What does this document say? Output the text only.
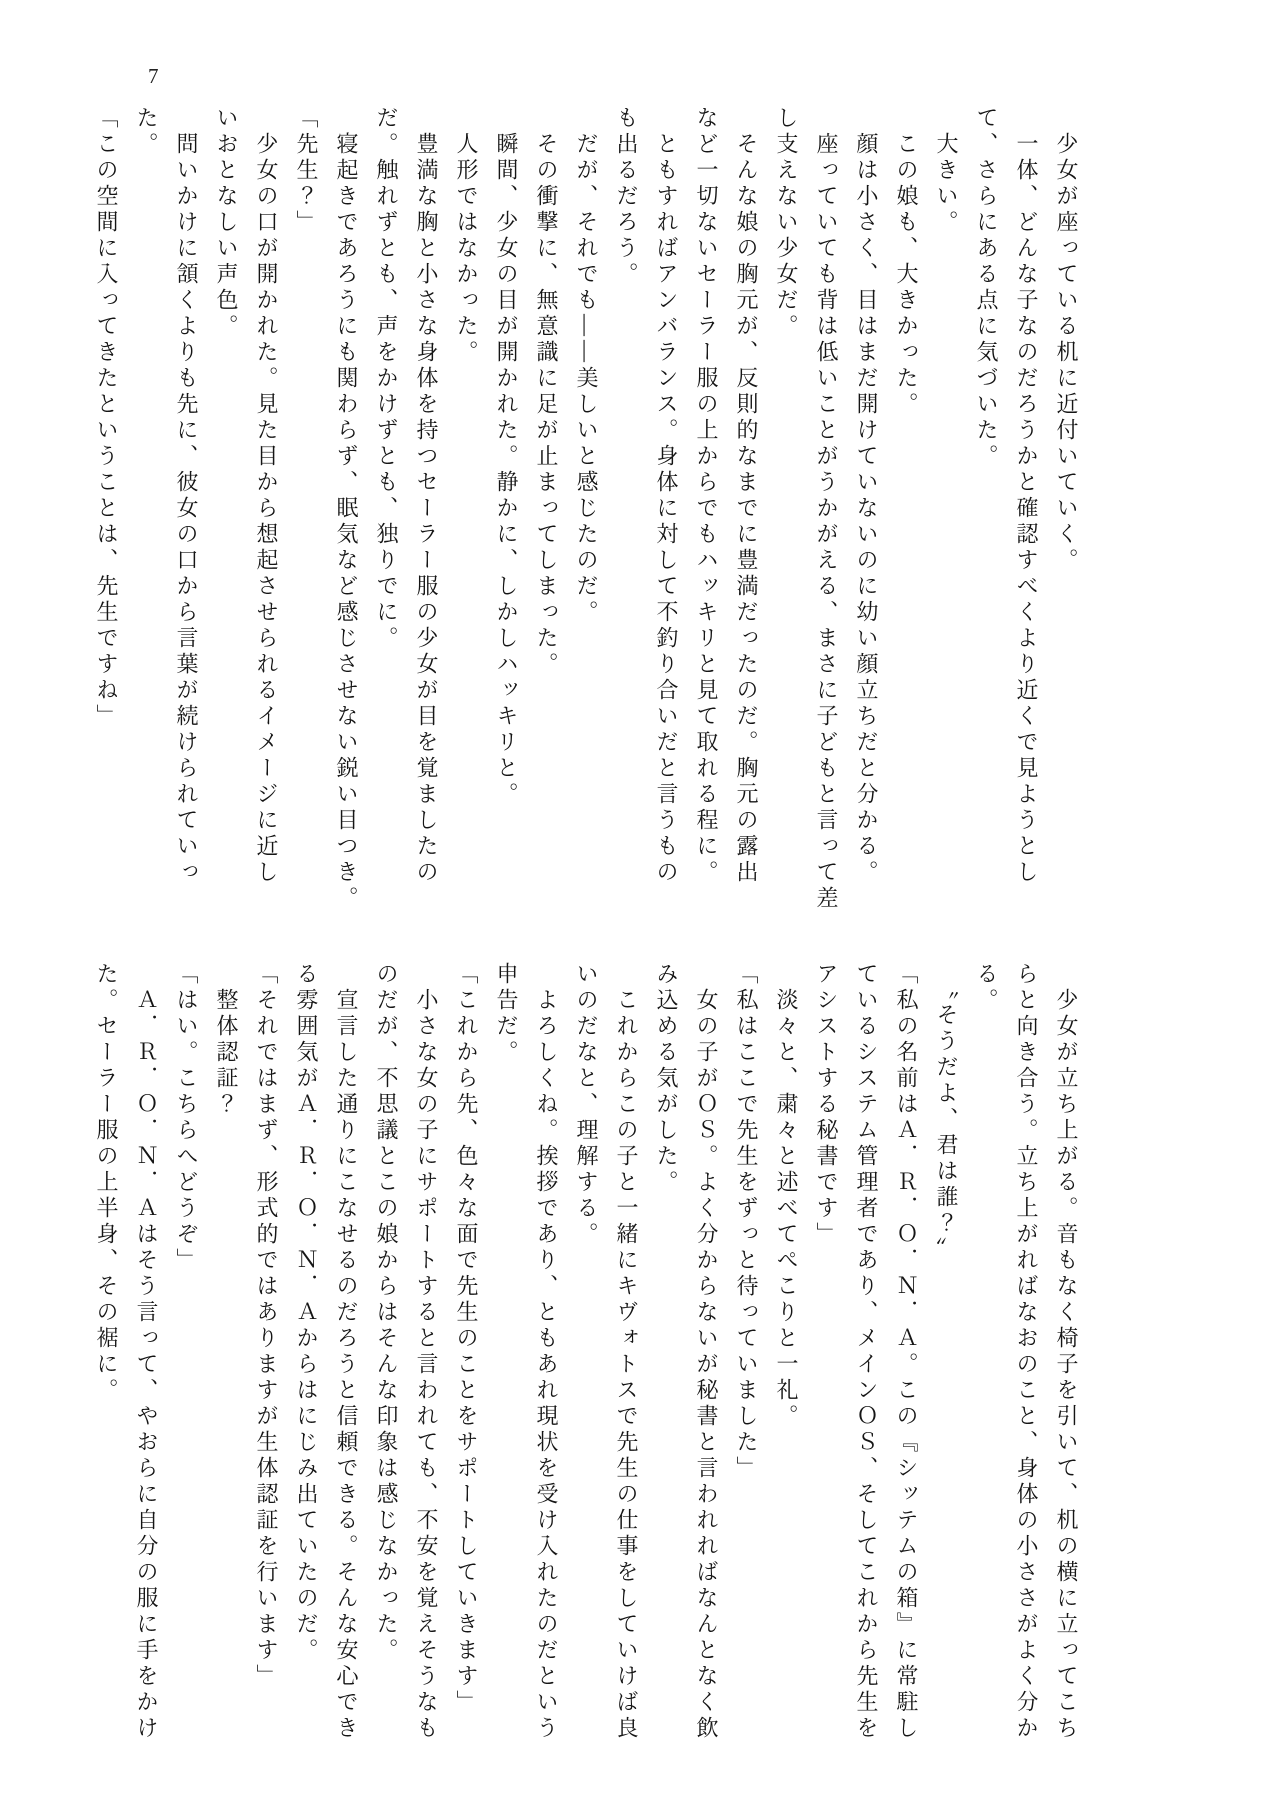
7

　少女が座っている机に近付いていく。

　一体、どんな子なのだろうかと確認すべくより近くで見ようとし

て、さらにある点に気づいた。

　大きい。

　この娘も、大きかった。

　顔は小さく、目はまだ開けていないのに幼い顔立ちだと分かる。

　座っていても背は低いことがうかがえる、まさに子どもと言って差

し支えない少女だ。

　そんな娘の胸元が、反則的なまでに豊満だったのだ。胸元の露出

など一切ないセーラー服の上からでもハッキリと見て取れる程に。

　ともすればアンバランス。身体に対して不釣り合いだと言うもの

も出るだろう。

　だが、それでも――美しいと感じたのだ。

　その衝撃に、無意識に足が止まってしまった。

　瞬間、少女の目が開かれた。静かに、しかしハッキリと。

　人形ではなかった。

　豊満な胸と小さな身体を持つセーラー服の少女が目を覚ましたの

だ。触れずとも、声をかけずとも、独りでに。

　寝起きであろうにも関わらず、眠気など感じさせない鋭い目つき。

「先生？」

　少女の口が開かれた。見た目から想起させられるイメージに近し

いおとなしい声色。

　問いかけに頷くよりも先に、彼女の口から言葉が続けられていっ

た。

「この空間に入ってきたということは、先生ですね」

　少女が立ち上がる。音もなく椅子を引いて、机の横に立ってこち

らと向き合う。立ち上がればなおのこと、身体の小ささがよく分か

る。

　〝そうだよ、君は誰？〟

「私の名前はＡ．Ｒ．Ｏ．Ｎ．Ａ。この『シッテムの箱』に常駐し

ているシステム管理者であり、メインＯＳ、そしてこれから先生を

アシストする秘書です」

　淡々と、粛々と述べてぺこりと一礼。

「私はここで先生をずっと待っていました」

　女の子がＯＳ。よく分からないが秘書と言われればなんとなく飲

み込める気がした。

　これからこの子と一緒にキヴォトスで先生の仕事をしていけば良

いのだなと、理解する。

　よろしくね。挨拶であり、ともあれ現状を受け入れたのだという

申告だ。

「これから先、色々な面で先生のことをサポートしていきます」

　小さな女の子にサポートすると言われても、不安を覚えそうなも

のだが、不思議とこの娘からはそんな印象は感じなかった。

　宣言した通りにこなせるのだろうと信頼できる。そんな安心でき

る雰囲気がＡ．Ｒ．Ｏ．Ｎ．Ａからはにじみ出ていたのだ。

「それではまず、形式的ではありますが生体認証を行います」

　整体認証？

「はい。こちらへどうぞ」

　Ａ．Ｒ．Ｏ．Ｎ．Ａはそう言って、やおらに自分の服に手をかけ

た。セーラー服の上半身、その裾に。
